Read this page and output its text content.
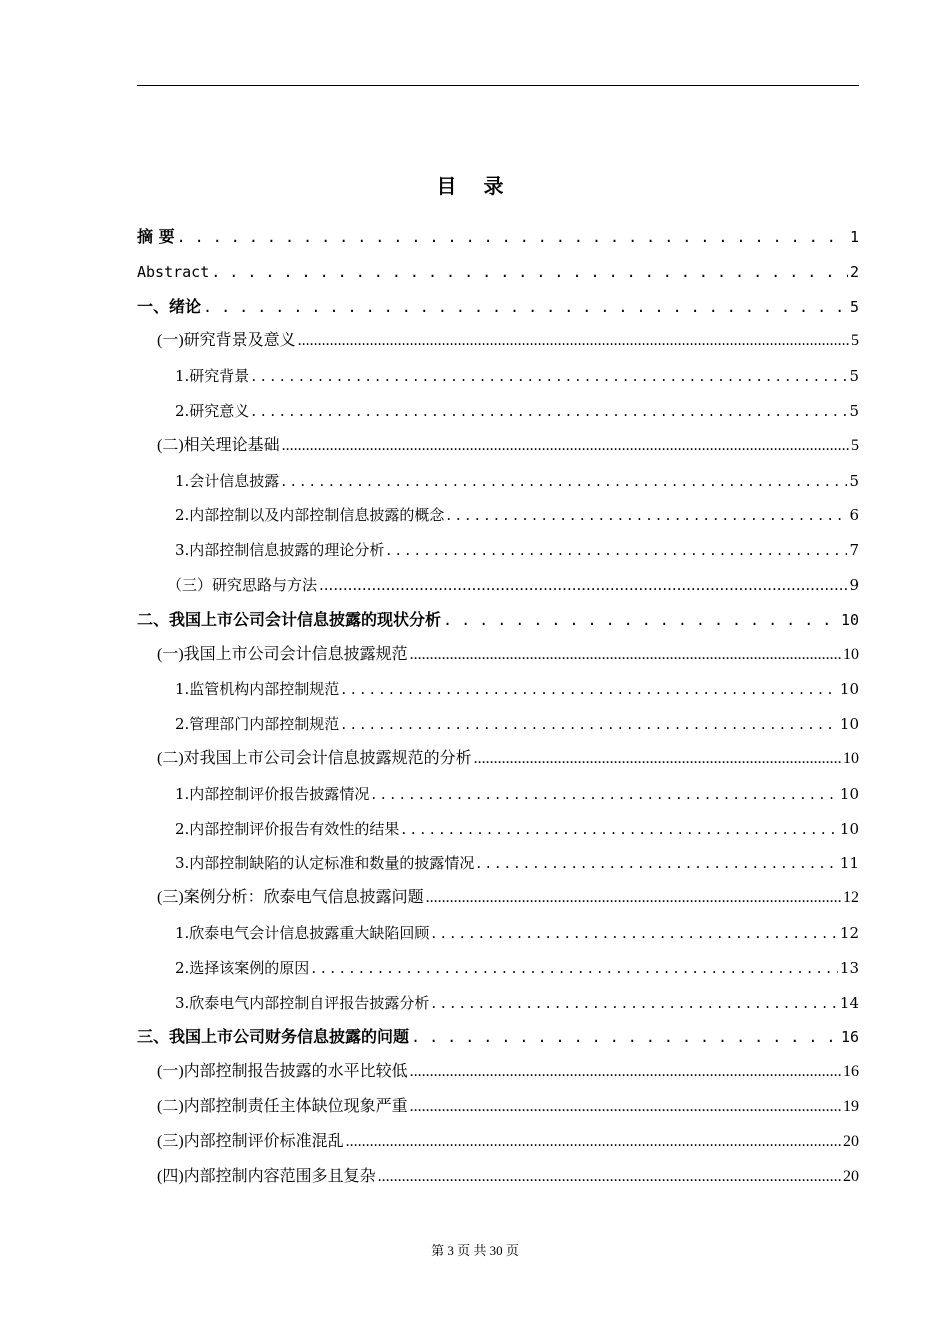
目 录
摘 要 . . .	1
Abstract . . .	2
一、绪论 . . .	5
(一)研究背景及意义 .....	5
1.研究背景 . . .	5
2.研究意义 . . .	5
(二)相关理论基础 .....	5
1.会计信息披露 . . .	5
2.内部控制以及内部控制信息披露的概念 . . .	6
3.内部控制信息披露的理论分析 . . .	7
（三）研究思路与方法 .....	9
二、我国上市公司会计信息披露的现状分析 . . .	10
(一)我国上市公司会计信息披露规范 .....	10
1.监管机构内部控制规范 . . .	10
2.管理部门内部控制规范 . . .	10
(二)对我国上市公司会计信息披露规范的分析 .....	10
1.内部控制评价报告披露情况 . . .	10
2.内部控制评价报告有效性的结果 . . .	10
3.内部控制缺陷的认定标准和数量的披露情况 . . .	11
(三)案例分析：欣泰电气信息披露问题 .....	12
1.欣泰电气会计信息披露重大缺陷回顾 . . .	12
2.选择该案例的原因 . . .	13
3.欣泰电气内部控制自评报告披露分析 . . .	14
三、我国上市公司财务信息披露的问题 . . .	16
(一)内部控制报告披露的水平比较低 .....	16
(二)内部控制责任主体缺位现象严重 .....	19
(三)内部控制评价标准混乱 .....	20
(四)内部控制内容范围多且复杂 .....	20
第 3 页 共 30 页
